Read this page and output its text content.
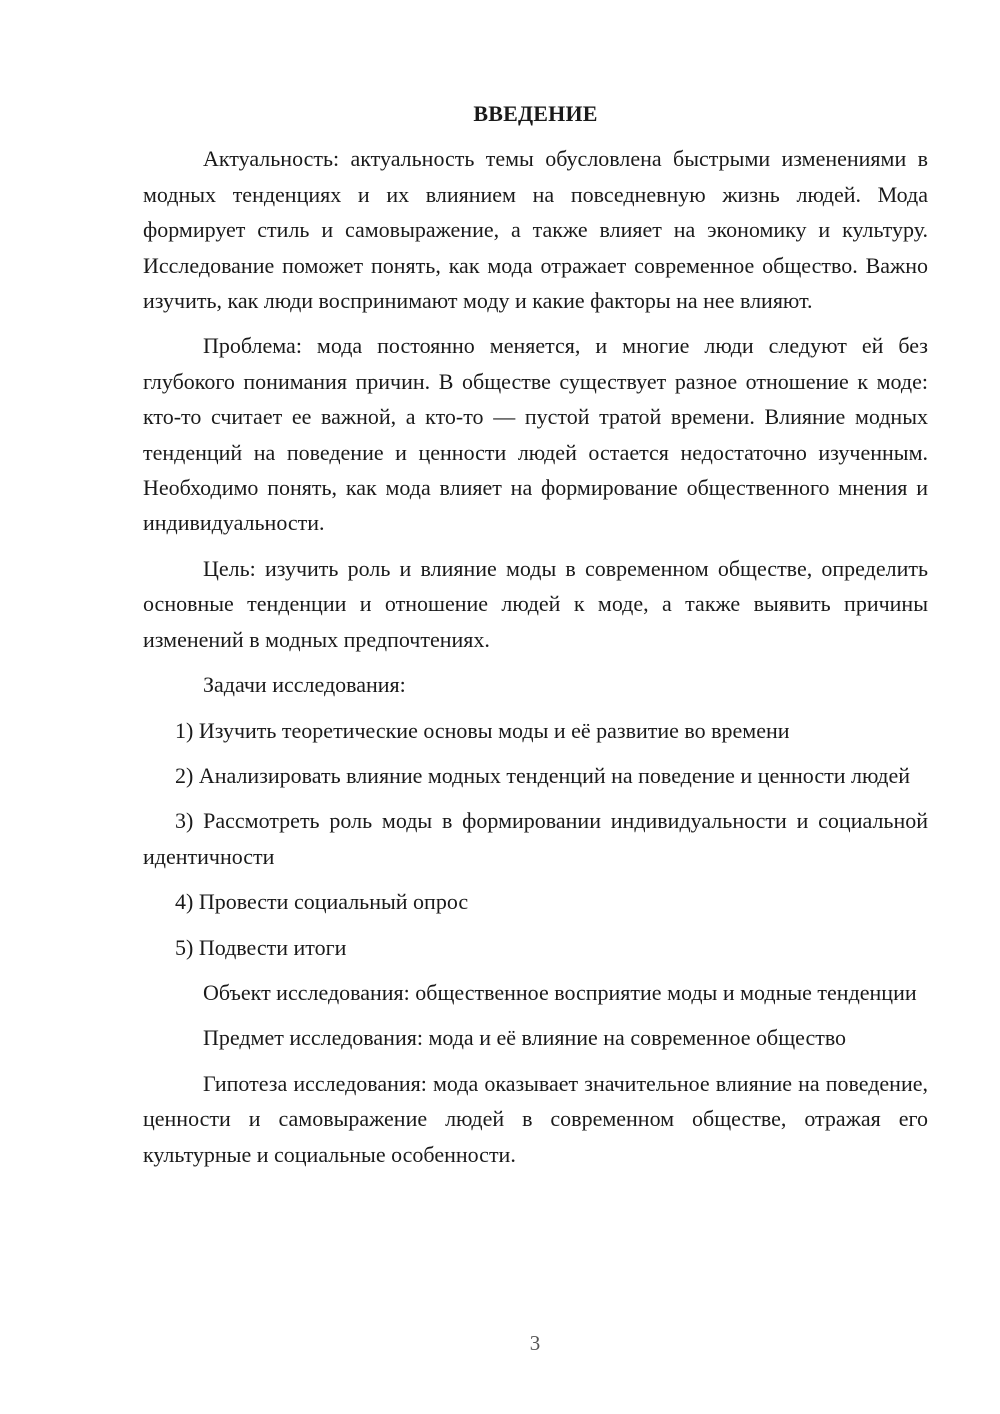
ВВЕДЕНИЕ

Актуальность: актуальность темы обусловлена быстрыми изменениями в модных тенденциях и их влиянием на повседневную жизнь людей. Мода формирует стиль и самовыражение, а также влияет на экономику и культуру. Исследование поможет понять, как мода отражает современное общество. Важно изучить, как люди воспринимают моду и какие факторы на нее влияют.

Проблема: мода постоянно меняется, и многие люди следуют ей без глубокого понимания причин. В обществе существует разное отношение к моде: кто-то считает ее важной, а кто-то — пустой тратой времени. Влияние модных тенденций на поведение и ценности людей остается недостаточно изученным. Необходимо понять, как мода влияет на формирование общественного мнения и индивидуальности.

Цель: изучить роль и влияние моды в современном обществе, определить основные тенденции и отношение людей к моде, а также выявить причины изменений в модных предпочтениях.

Задачи исследования:

1) Изучить теоретические основы моды и её развитие во времени

2) Анализировать влияние модных тенденций на поведение и ценности людей

3) Рассмотреть роль моды в формировании индивидуальности и социальной идентичности

4) Провести социальный опрос

5) Подвести итоги

Объект исследования: общественное восприятие моды и модные тенденции

Предмет исследования: мода и её влияние на современное общество

Гипотеза исследования: мода оказывает значительное влияние на поведение, ценности и самовыражение людей в современном обществе, отражая его культурные и социальные особенности.

3
